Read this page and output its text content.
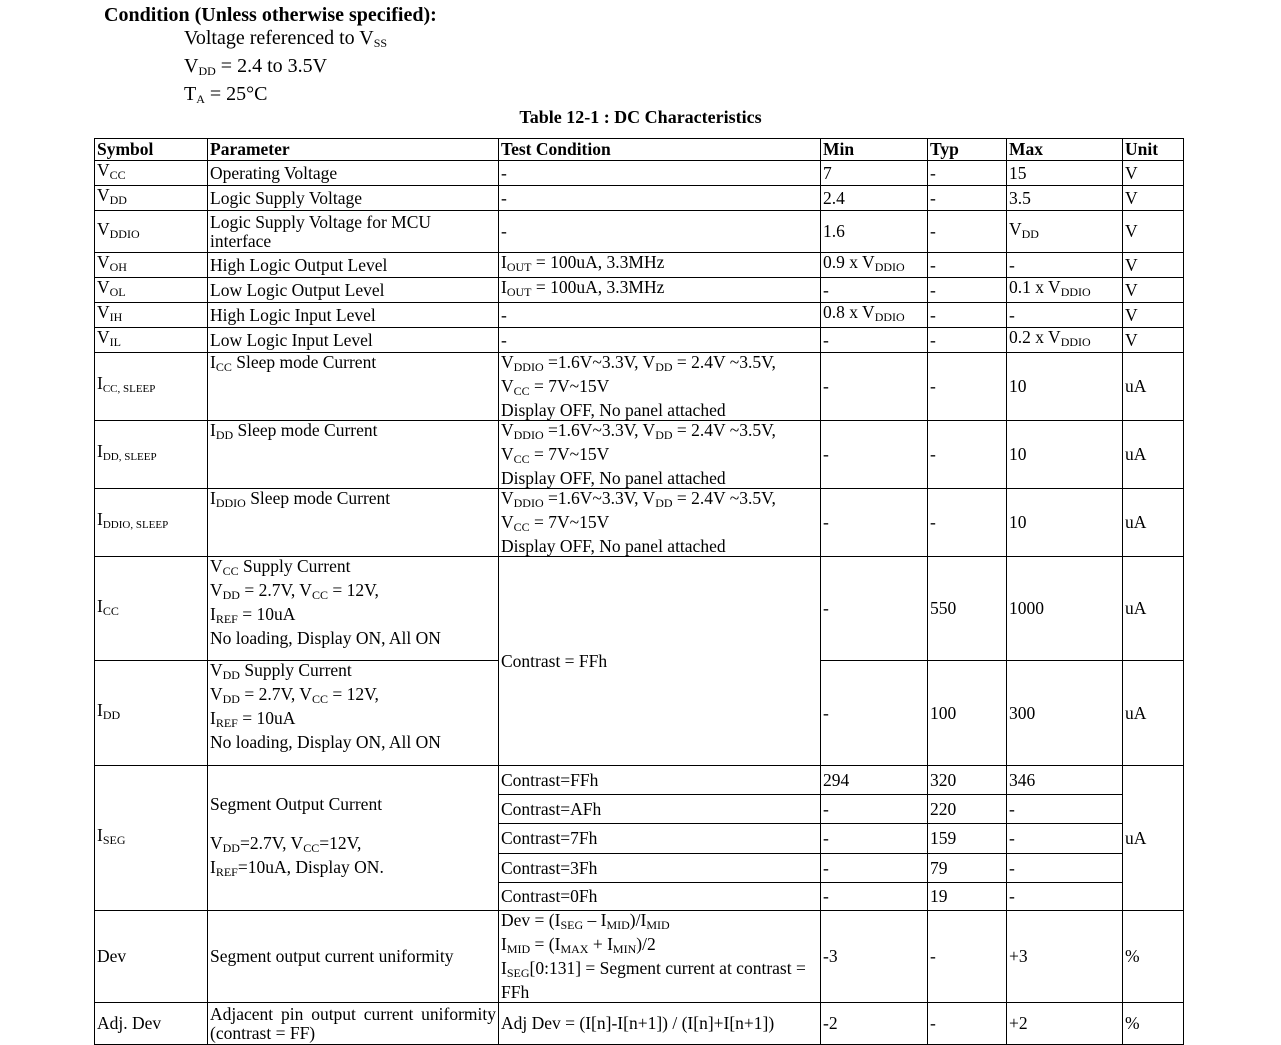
Condition (Unless otherwise specified):
Voltage referenced to $V_{SS}$
$V_{DD} = 2.4$ to 3.5V
$T_A = 25^\circ C$
Table 12-1 : DC Characteristics
Symbol	Parameter	Test Condition	Min	Typ	Max	Unit
$V_{CC}$	Operating Voltage	-	7	-	15	V
$V_{DD}$	Logic Supply Voltage	-	2.4	-	3.5	V
$V_{DDIO}$	Logic Supply Voltage for MCU interface	-	1.6	-	$V_{DD}$	V
$V_{OH}$	High Logic Output Level	$I_{OUT} = 100uA$, 3.3MHz	0.9 x $V_{DDIO}$	-	-	V
$V_{OL}$	Low Logic Output Level	$I_{OUT} = 100uA$, 3.3MHz	-	-	0.1 x $V_{DDIO}$	V
$V_{IH}$	High Logic Input Level	-	0.8 x $V_{DDIO}$	-	-	V
$V_{IL}$	Low Logic Input Level	-	-	-	0.2 x $V_{DDIO}$	V
$I_{CC, SLEEP}$	$I_{CC}$ Sleep mode Current	$V_{DDIO}$ =1.6V~3.3V, $V_{DD} = 2.4V$ ~3.5V,
$V_{CC}$ = 7V~15V
Display OFF, No panel attached	-	-	10	uA
$I_{DD, SLEEP}$	$I_{DD}$ Sleep mode Current	$V_{DDIO}$ =1.6V~3.3V, $V_{DD} = 2.4V$ ~3.5V,
$V_{CC}$ = 7V~15V
Display OFF, No panel attached	-	-	10	uA
$I_{DDIO, SLEEP}$	$I_{DDIO}$ Sleep mode Current	$V_{DDIO}$ =1.6V~3.3V, $V_{DD} = 2.4V$ ~3.5V,
$V_{CC}$ = 7V~15V
Display OFF, No panel attached	-	-	10	uA
$I_{CC}$	$V_{CC}$ Supply Current
$V_{DD} = 2.7V$, $V_{CC} = 12V$,
$I_{REF} = 10uA$
No loading, Display ON, All ON	Contrast = FFh	-	550	1000	uA
$I_{DD}$	$V_{DD}$ Supply Current
$V_{DD} = 2.7V$, $V_{CC} = 12V$,
$I_{REF} = 10uA$
No loading, Display ON, All ON		-	100	300	uA
$I_{SEG}$	Segment Output Current
$V_{DD}=2.7V$, $V_{CC}=12V$,
$I_{REF}=10uA$, Display ON.	Contrast=FFh	294	320	346	uA
		Contrast=AFh	-	220	-	
		Contrast=7Fh	-	159	-	
		Contrast=3Fh	-	79	-	
		Contrast=0Fh	-	19	-	
Dev	Segment output current uniformity	Dev = $(I_{SEG} - I_{MID})/I_{MID}$
$I_{MID} = (I_{MAX} + I_{MIN})/2$
$I_{SEG}[0:131]$ = Segment current at contrast = FFh	-3	-	+3	%
Adj. Dev	Adjacent pin output current uniformity (contrast = FF)	Adj Dev = (I[n]-I[n+1]) / (I[n]+I[n+1])	-2	-	+2	%
